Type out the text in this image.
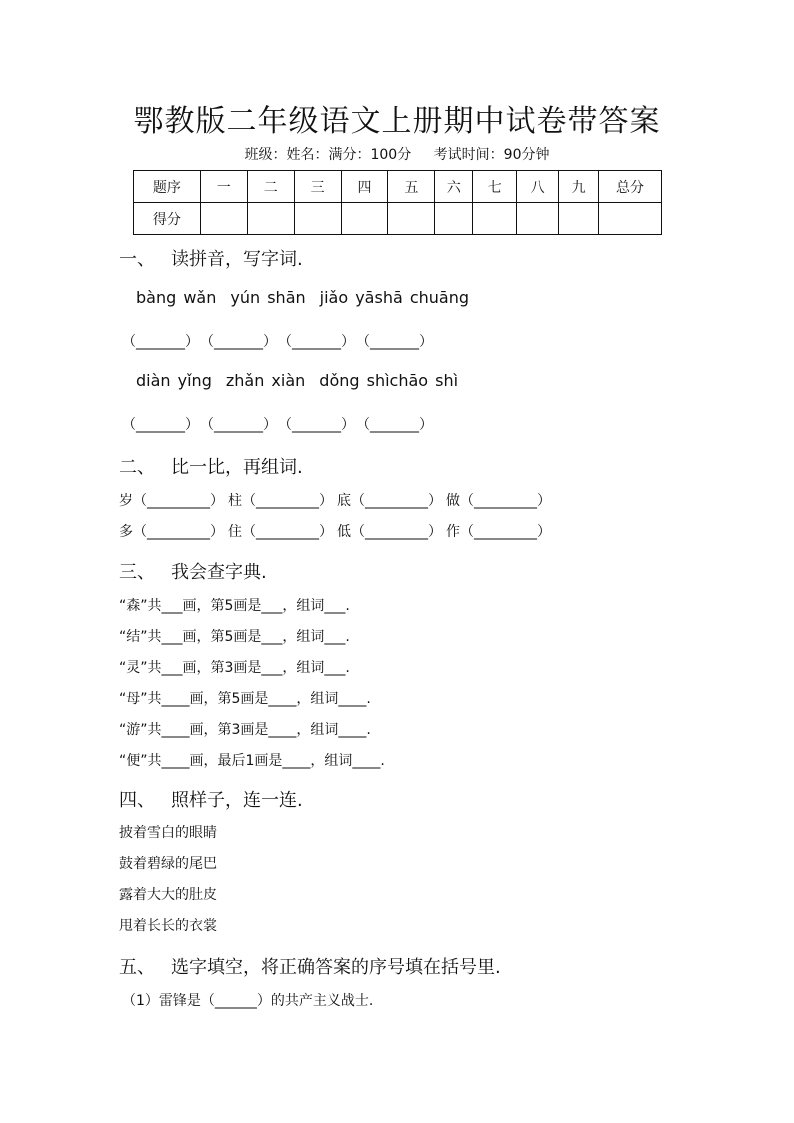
鄂教版二年级语文上册期中试卷带答案
班级：姓名：满分：100分 考试时间：90分钟
题序	一	二	三	四	五	六	七	八	九	总分
得分										
一、 读拼音，写字词.
bàng wǎn yún shān jiǎo yāshā chuāng
（_______） （_______） （_______） （_______）
diàn yǐng zhǎn xiàn dǒng shìchāo shì
（_______） （_______） （_______） （_______）
二、 比一比，再组词.
岁（_________） 柱（_________） 底（_________） 做（_________）
多（_________） 住（_________） 低（_________） 作（_________）
三、 我会查字典.
“森”共___画，第5画是___，组词___.
“结”共___画，第5画是___，组词___.
“灵”共___画，第3画是___，组词___.
“母”共____画，第5画是____，组词____.
“游”共____画，第3画是____，组词____.
“便”共____画，最后1画是____，组词____.
四、 照样子，连一连.
披着雪白的眼睛
鼓着碧绿的尾巴
露着大大的肚皮
甩着长长的衣裳
五、 选字填空，将正确答案的序号填在括号里.
（1）雷锋是（______）的共产主义战士.
